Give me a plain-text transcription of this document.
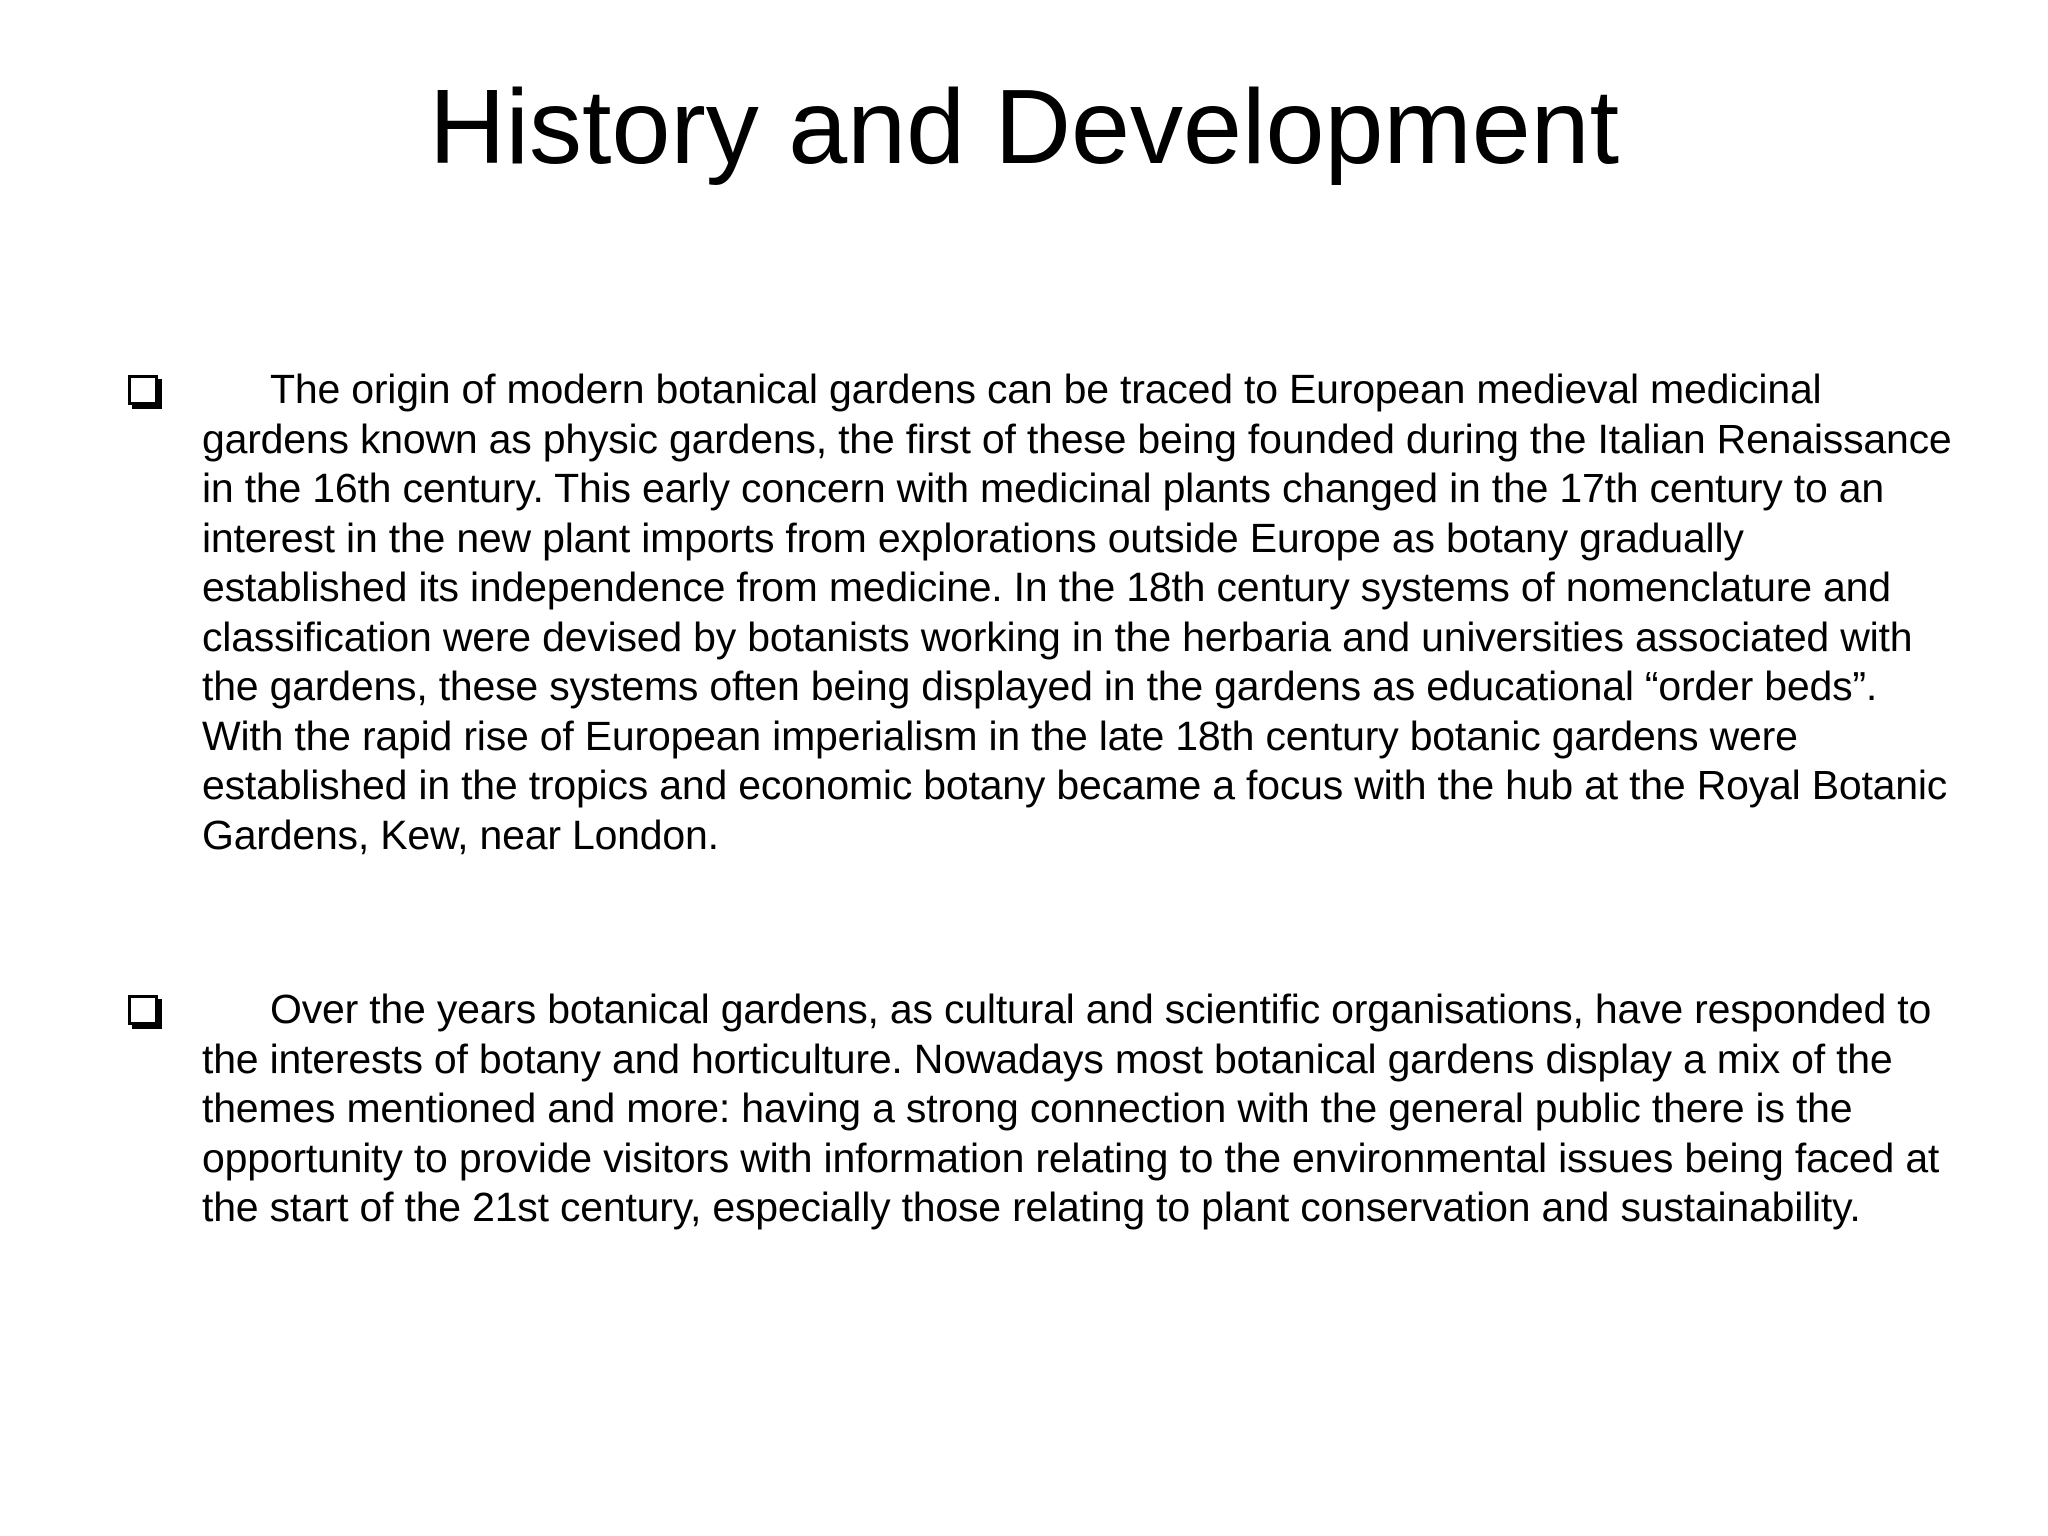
History and Development

The origin of modern botanical gardens can be traced to European medieval medicinal gardens known as physic gardens, the first of these being founded during the Italian Renaissance in the 16th century. This early concern with medicinal plants changed in the 17th century to an interest in the new plant imports from explorations outside Europe as botany gradually established its independence from medicine. In the 18th century systems of nomenclature and classification were devised by botanists working in the herbaria and universities associated with the gardens, these systems often being displayed in the gardens as educational “order beds”. With the rapid rise of European imperialism in the late 18th century botanic gardens were established in the tropics and economic botany became a focus with the hub at the Royal Botanic Gardens, Kew, near London.

Over the years botanical gardens, as cultural and scientific organisations, have responded to the interests of botany and horticulture. Nowadays most botanical gardens display a mix of the themes mentioned and more: having a strong connection with the general public there is the opportunity to provide visitors with information relating to the environmental issues being faced at the start of the 21st century, especially those relating to plant conservation and sustainability.
